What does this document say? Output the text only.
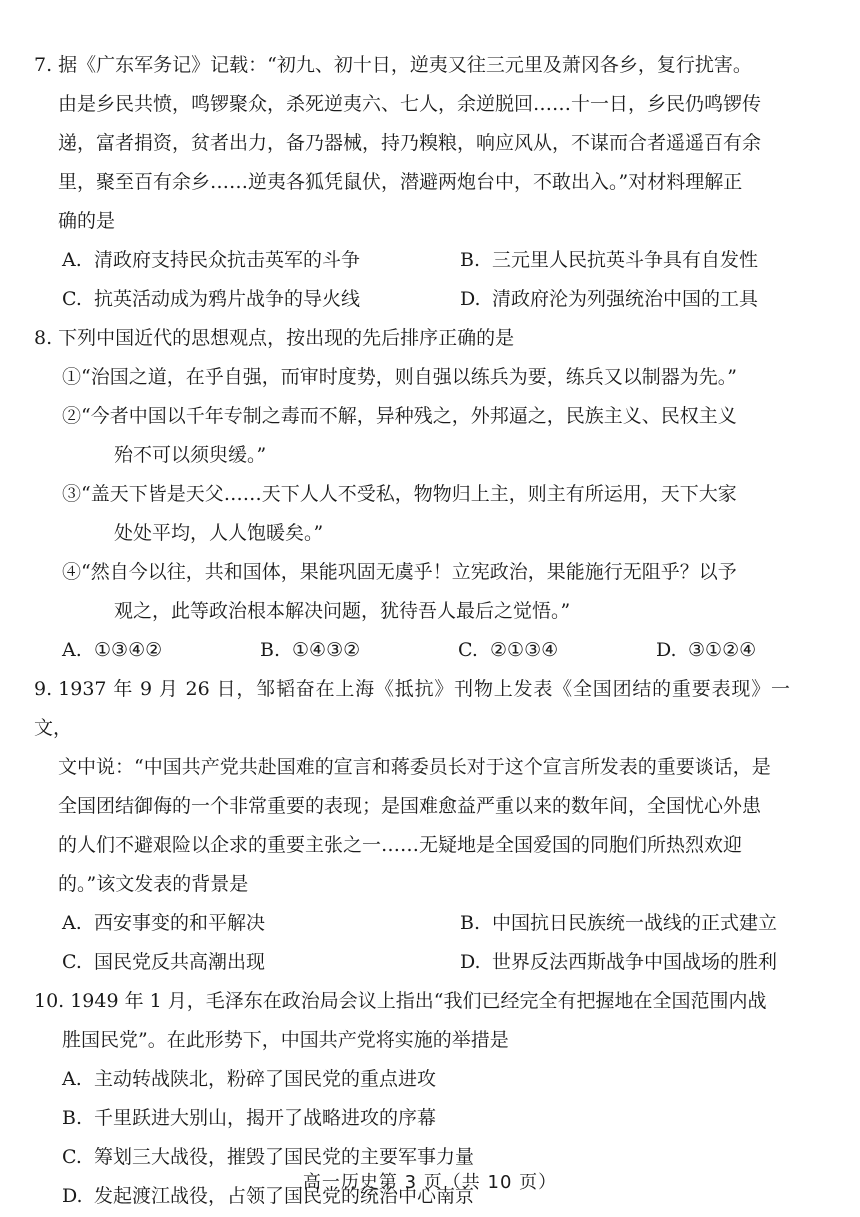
7. 据《广东军务记》记载：“初九、初十日，逆夷又往三元里及萧冈各乡，复行扰害。
由是乡民共愤，鸣锣聚众，杀死逆夷六、七人，余逆脱回……十一日，乡民仍鸣锣传
递，富者捐资，贫者出力，备乃器械，持乃糗粮，响应风从，不谋而合者遥遥百有余
里，聚至百有余乡……逆夷各狐凭鼠伏，潜避两炮台中，不敢出入。”对材料理解正
确的是
A. 清政府支持民众抗击英军的斗争	B. 三元里人民抗英斗争具有自发性
C. 抗英活动成为鸦片战争的导火线	D. 清政府沦为列强统治中国的工具
8. 下列中国近代的思想观点，按出现的先后排序正确的是
①“治国之道，在乎自强，而审时度势，则自强以练兵为要，练兵又以制器为先。”
②“今者中国以千年专制之毒而不解，异种残之，外邦逼之，民族主义、民权主义
殆不可以须臾缓。”
③“盖天下皆是天父……天下人人不受私，物物归上主，则主有所运用，天下大家
处处平均，人人饱暖矣。”
④“然自今以往，共和国体，果能巩固无虞乎！立宪政治，果能施行无阻乎？以予
观之，此等政治根本解决问题，犹待吾人最后之觉悟。”
A. ①③④②	B. ①④③②	C. ②①③④	D. ③①②④
9. 1937 年 9 月 26 日，邹韬奋在上海《抵抗》刊物上发表《全国团结的重要表现》一文，
文中说：“中国共产党共赴国难的宣言和蒋委员长对于这个宣言所发表的重要谈话，是
全国团结御侮的一个非常重要的表现；是国难愈益严重以来的数年间，全国忧心外患
的人们不避艰险以企求的重要主张之一……无疑地是全国爱国的同胞们所热烈欢迎
的。”该文发表的背景是
A. 西安事变的和平解决	B. 中国抗日民族统一战线的正式建立
C. 国民党反共高潮出现	D. 世界反法西斯战争中国战场的胜利
10. 1949 年 1 月，毛泽东在政治局会议上指出“我们已经完全有把握地在全国范围内战
胜国民党”。在此形势下，中国共产党将实施的举措是
A. 主动转战陕北，粉碎了国民党的重点进攻
B. 千里跃进大别山，揭开了战略进攻的序幕
C. 筹划三大战役，摧毁了国民党的主要军事力量
D. 发起渡江战役，占领了国民党的统治中心南京
高一历史第 3 页（共 10 页）
